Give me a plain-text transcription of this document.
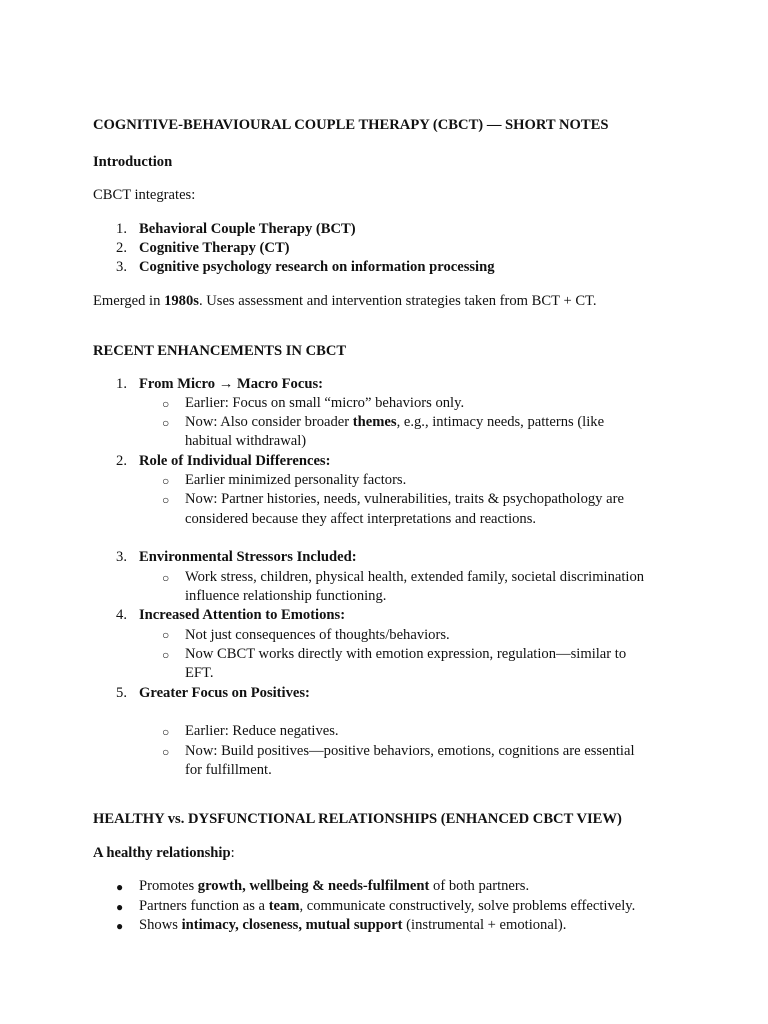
COGNITIVE-BEHAVIOURAL COUPLE THERAPY (CBCT) — SHORT NOTES
Introduction
CBCT integrates:
1. Behavioral Couple Therapy (BCT)
2. Cognitive Therapy (CT)
3. Cognitive psychology research on information processing
Emerged in 1980s. Uses assessment and intervention strategies taken from BCT + CT.
RECENT ENHANCEMENTS IN CBCT
1. From Micro → Macro Focus:
○ Earlier: Focus on small “micro” behaviors only.
○ Now: Also consider broader themes, e.g., intimacy needs, patterns (like
habitual withdrawal)
2. Role of Individual Differences:
○ Earlier minimized personality factors.
○ Now: Partner histories, needs, vulnerabilities, traits & psychopathology are
considered because they affect interpretations and reactions.
3. Environmental Stressors Included:
○ Work stress, children, physical health, extended family, societal discrimination
influence relationship functioning.
4. Increased Attention to Emotions:
○ Not just consequences of thoughts/behaviors.
○ Now CBCT works directly with emotion expression, regulation—similar to
EFT.
5. Greater Focus on Positives:
○ Earlier: Reduce negatives.
○ Now: Build positives—positive behaviors, emotions, cognitions are essential
for fulfillment.
HEALTHY vs. DYSFUNCTIONAL RELATIONSHIPS (ENHANCED CBCT VIEW)
A healthy relationship:
● Promotes growth, wellbeing & needs-fulfilment of both partners.
● Partners function as a team, communicate constructively, solve problems effectively.
● Shows intimacy, closeness, mutual support (instrumental + emotional).
